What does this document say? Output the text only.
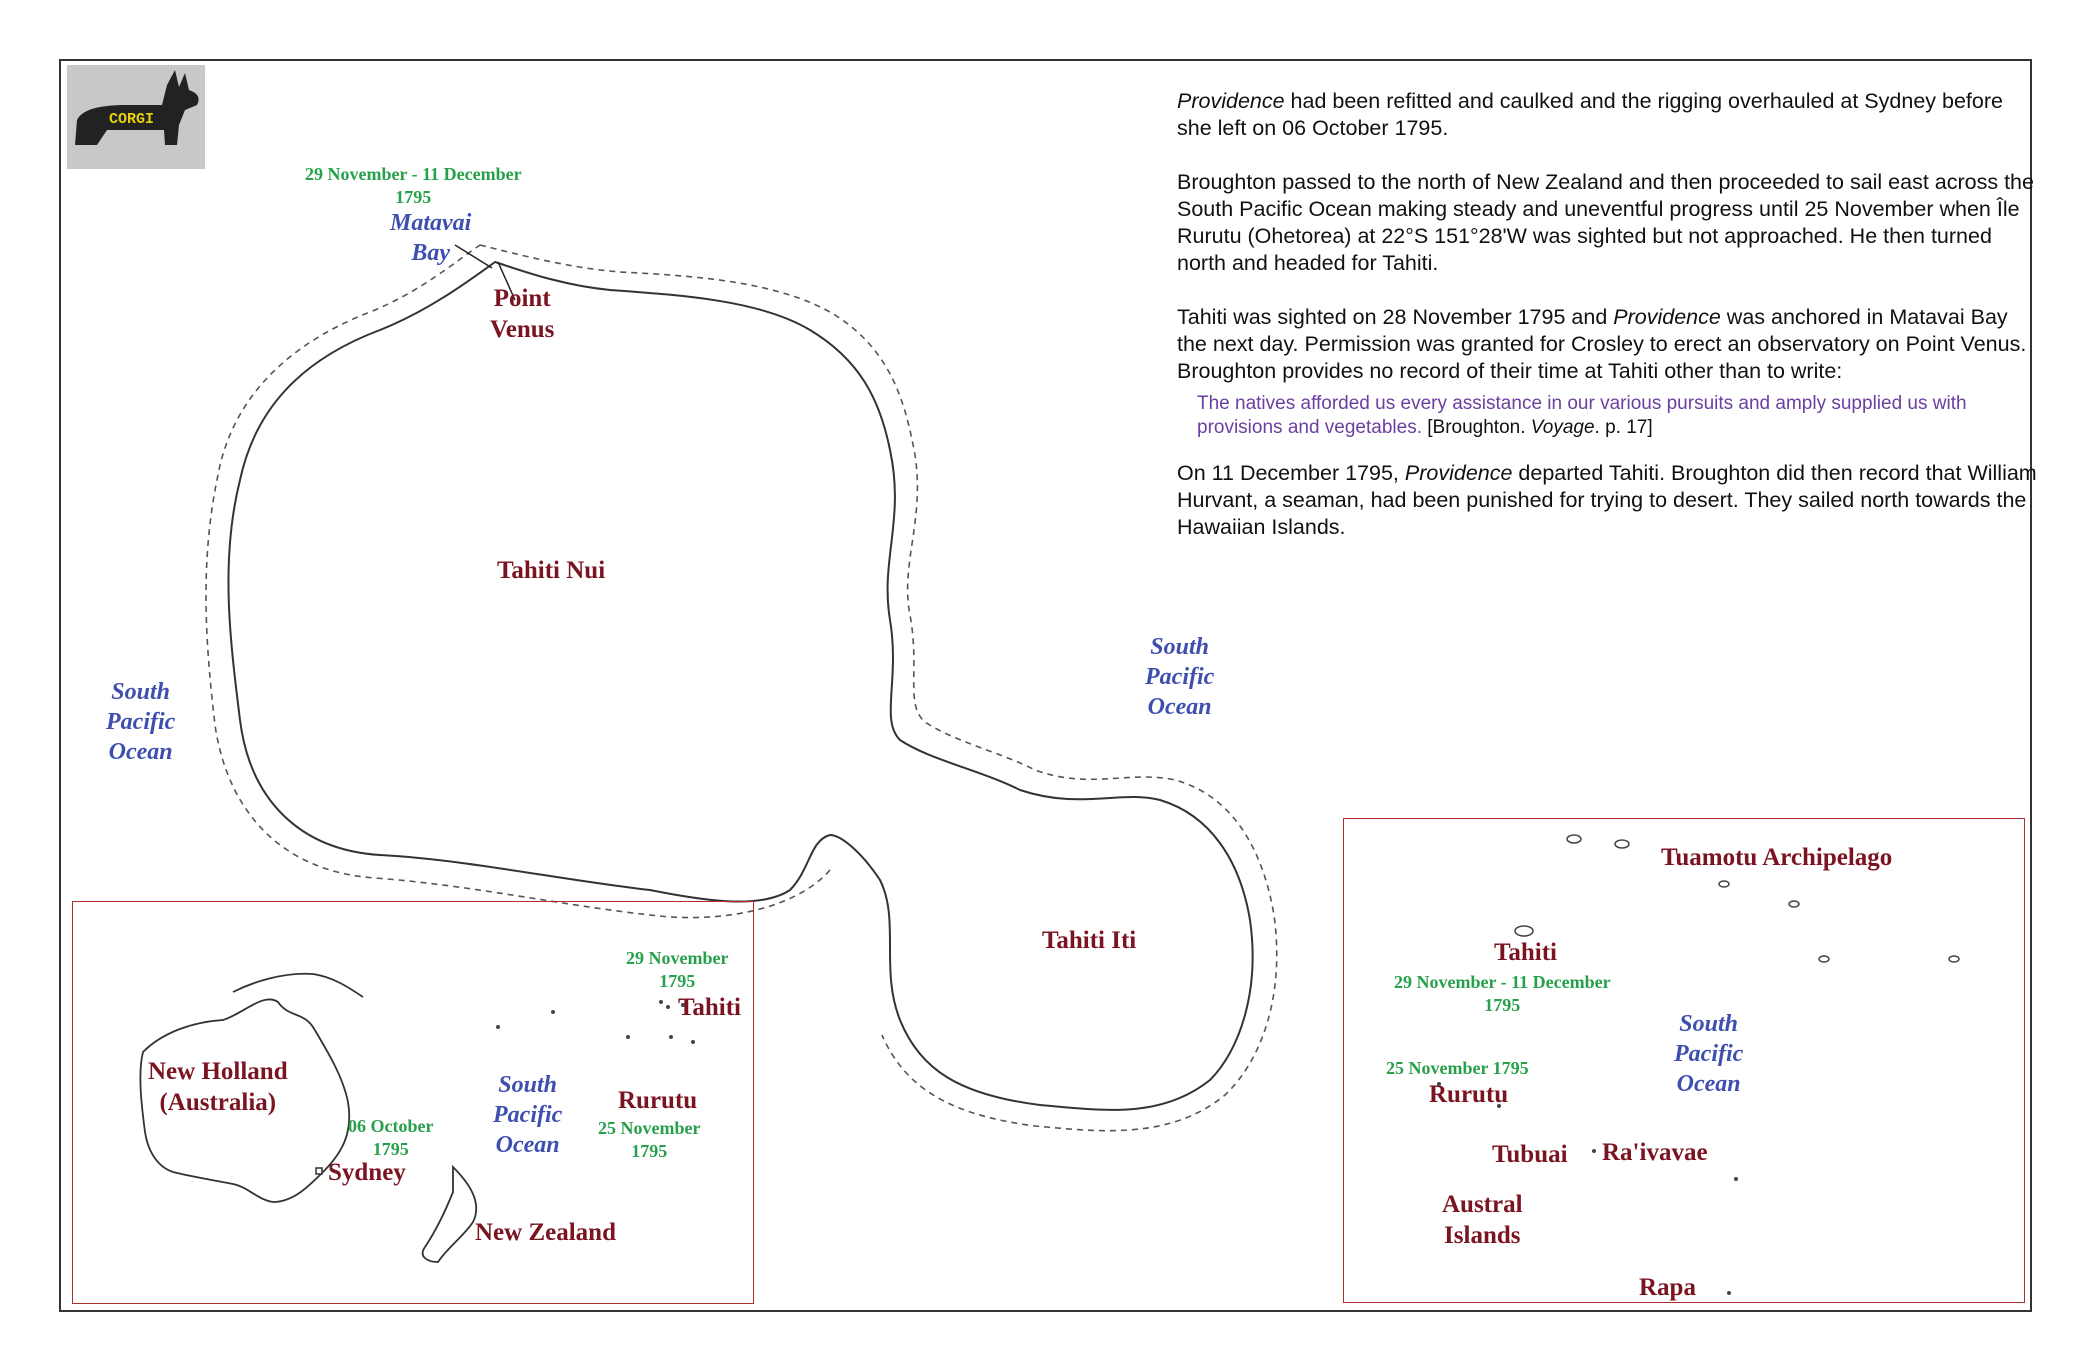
CORGI

Providence had been refitted and caulked and the rigging overhauled at Sydney before she left on 06 October 1795.

Broughton passed to the north of New Zealand and then proceeded to sail east across the South Pacific Ocean making steady and uneventful progress until 25 November when Île Rurutu (Ohetorea) at 22°S 151°28'W was sighted but not approached. He then turned north and headed for Tahiti.

Tahiti was sighted on 28 November 1795 and Providence was anchored in Matavai Bay the next day. Permission was granted for Crosley to erect an observatory on Point Venus. Broughton provides no record of their time at Tahiti other than to write:

The natives afforded us every assistance in our various pursuits and amply supplied us with provisions and vegetables. [Broughton. Voyage. p. 17]

On 11 December 1795, Providence departed Tahiti. Broughton did then record that William Hurvant, a seaman, had been punished for trying to desert. They sailed north towards the Hawaiian Islands.

29 November - 11 December
1795
Matavai
Bay
Point
Venus
Tahiti Nui
Tahiti Iti
South
Pacific
Ocean
South
Pacific
Ocean
New Holland
(Australia)
06 October
1795
Sydney
New Zealand
South
Pacific
Ocean
29 November
1795
Tahiti
Rurutu
25 November
1795
Tuamotu Archipelago
Tahiti
29 November - 11 December
1795
South
Pacific
Ocean
25 November 1795
Rurutu
Tubuai Ra'ivavae
Austral
Islands
Rapa
